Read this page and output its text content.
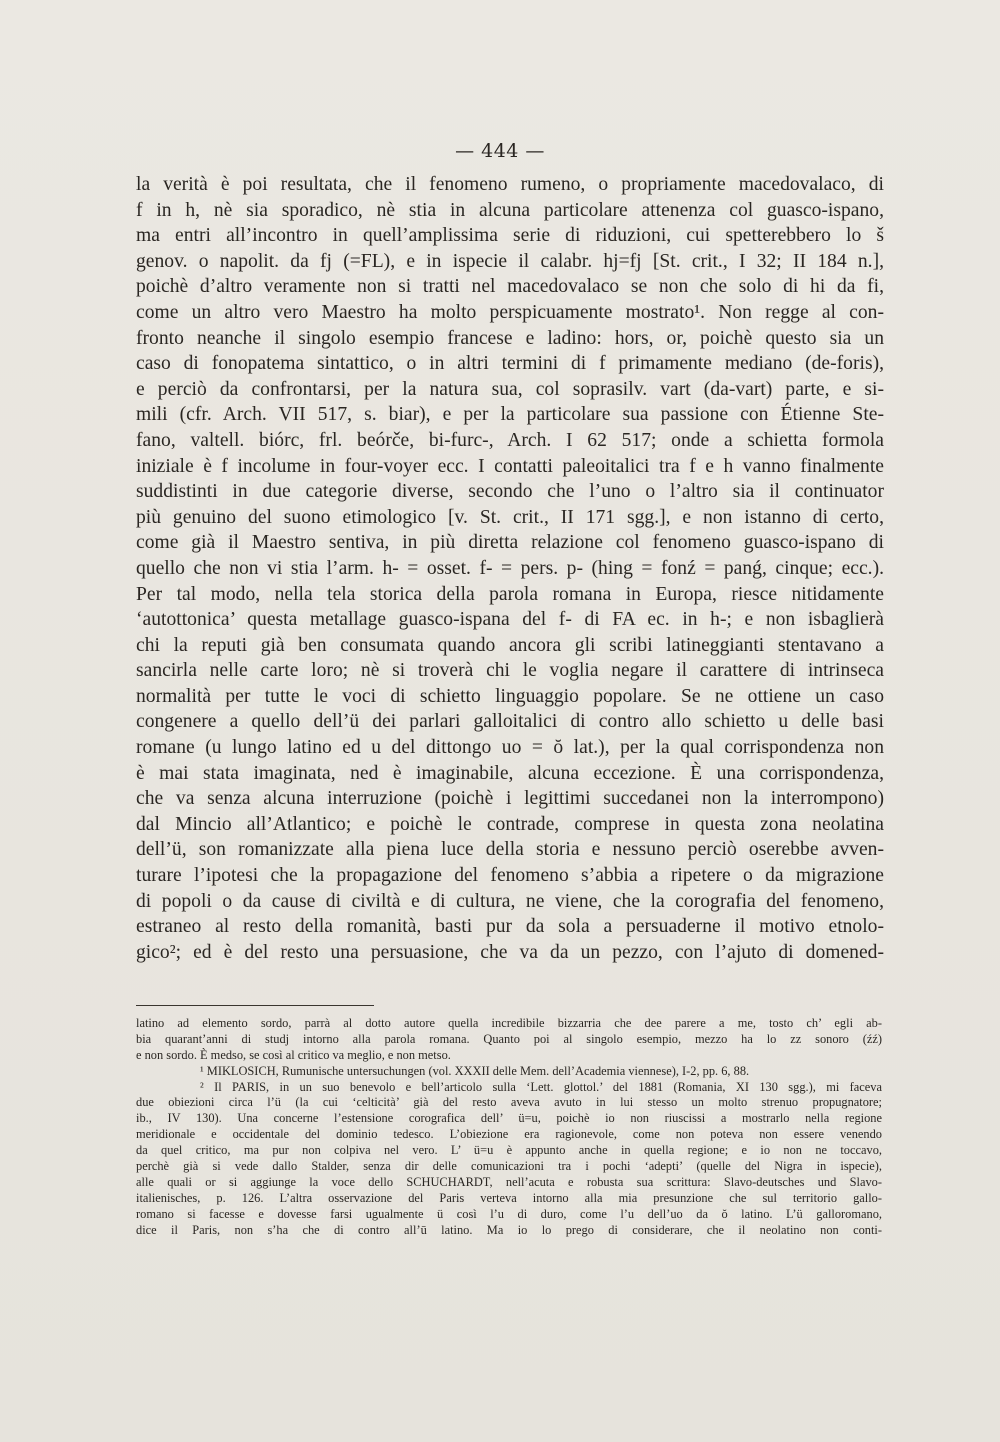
— 444 —
la verità è poi resultata, che il fenomeno rumeno, o propriamente macedovalaco, di
f in h, nè sia sporadico, nè stia in alcuna particolare attenenza col guasco-ispano,
ma entri all’incontro in quell’amplissima serie di riduzioni, cui spetterebbero lo š
genov. o napolit. da fj (=FL), e in ispecie il calabr. hj=fj [St. crit., I 32; II 184 n.],
poichè d’altro veramente non si tratti nel macedovalaco se non che solo di hi da fi,
come un altro vero Maestro ha molto perspicuamente mostrato¹. Non regge al con-
fronto neanche il singolo esempio francese e ladino: hors, or, poichè questo sia un
caso di fonopatema sintattico, o in altri termini di f primamente mediano (de-foris),
e perciò da confrontarsi, per la natura sua, col soprasilv. vart (da-vart) parte, e si-
mili (cfr. Arch. VII 517, s. biar), e per la particolare sua passione con Étienne Ste-
fano, valtell. biórc, frl. beórče, bi-furc-, Arch. I 62 517; onde a schietta formola
iniziale è f incolume in four-voyer ecc. I contatti paleoitalici tra f e h vanno finalmente
suddistinti in due categorie diverse, secondo che l’uno o l’altro sia il continuator
più genuino del suono etimologico [v. St. crit., II 171 sgg.], e non istanno di certo,
come già il Maestro sentiva, in più diretta relazione col fenomeno guasco-ispano di
quello che non vi stia l’arm. h- = osset. f- = pers. p- (hing = fonź = panǵ, cinque; ecc.).
Per tal modo, nella tela storica della parola romana in Europa, riesce nitidamente
‘autottonica’ questa metallage guasco-ispana del f- di FA ec. in h-; e non isbaglierà
chi la reputi già ben consumata quando ancora gli scribi latineggianti stentavano a
sancirla nelle carte loro; nè si troverà chi le voglia negare il carattere di intrinseca
normalità per tutte le voci di schietto linguaggio popolare. Se ne ottiene un caso
congenere a quello dell’ü dei parlari galloitalici di contro allo schietto u delle basi
romane (u lungo latino ed u del dittongo uo = ŏ lat.), per la qual corrispondenza non
è mai stata imaginata, ned è imaginabile, alcuna eccezione. È una corrispondenza,
che va senza alcuna interruzione (poichè i legittimi succedanei non la interrompono)
dal Mincio all’Atlantico; e poichè le contrade, comprese in questa zona neolatina
dell’ü, son romanizzate alla piena luce della storia e nessuno perciò oserebbe avven-
turare l’ipotesi che la propagazione del fenomeno s’abbia a ripetere o da migrazione
di popoli o da cause di civiltà e di cultura, ne viene, che la corografia del fenomeno,
estraneo al resto della romanità, basti pur da sola a persuaderne il motivo etnolo-
gico²; ed è del resto una persuasione, che va da un pezzo, con l’ajuto di domened-
latino ad elemento sordo, parrà al dotto autore quella incredibile bizzarria che dee parere a me, tosto ch’ egli ab-
bia quarant’anni di studj intorno alla parola romana. Quanto poi al singolo esempio, mezzo ha lo zz sonoro (źź)
e non sordo. È medso, se così al critico va meglio, e non metso.
¹ MIKLOSICH, Rumunische untersuchungen (vol. XXXII delle Mem. dell’Academia viennese), I-2, pp. 6, 88.
² Il PARIS, in un suo benevolo e bell’articolo sulla ‘Lett. glottol.’ del 1881 (Romania, XI 130 sgg.), mi faceva
due obiezioni circa l’ü (la cui ‘celticità’ già del resto aveva avuto in lui stesso un molto strenuo propugnatore;
ib., IV 130). Una concerne l’estensione corografica dell’ ü=u, poichè io non riuscissi a mostrarlo nella regione
meridionale e occidentale del dominio tedesco. L’obiezione era ragionevole, come non poteva non essere venendo
da quel critico, ma pur non colpiva nel vero. L’ ü=u è appunto anche in quella regione; e io non ne toccavo,
perchè già si vede dallo Stalder, senza dir delle comunicazioni tra i pochi ‘adepti’ (quelle del Nigra in ispecie),
alle quali or si aggiunge la voce dello SCHUCHARDT, nell’acuta e robusta sua scrittura: Slavo-deutsches und Slavo-
italienisches, p. 126. L’altra osservazione del Paris verteva intorno alla mia presunzione che sul territorio gallo-
romano si facesse e dovesse farsi ugualmente ü così l’u di duro, come l’u dell’uo da ŏ latino. L’ü galloromano,
dice il Paris, non s’ha che di contro all’ū latino. Ma io lo prego di considerare, che il neolatino non conti-
